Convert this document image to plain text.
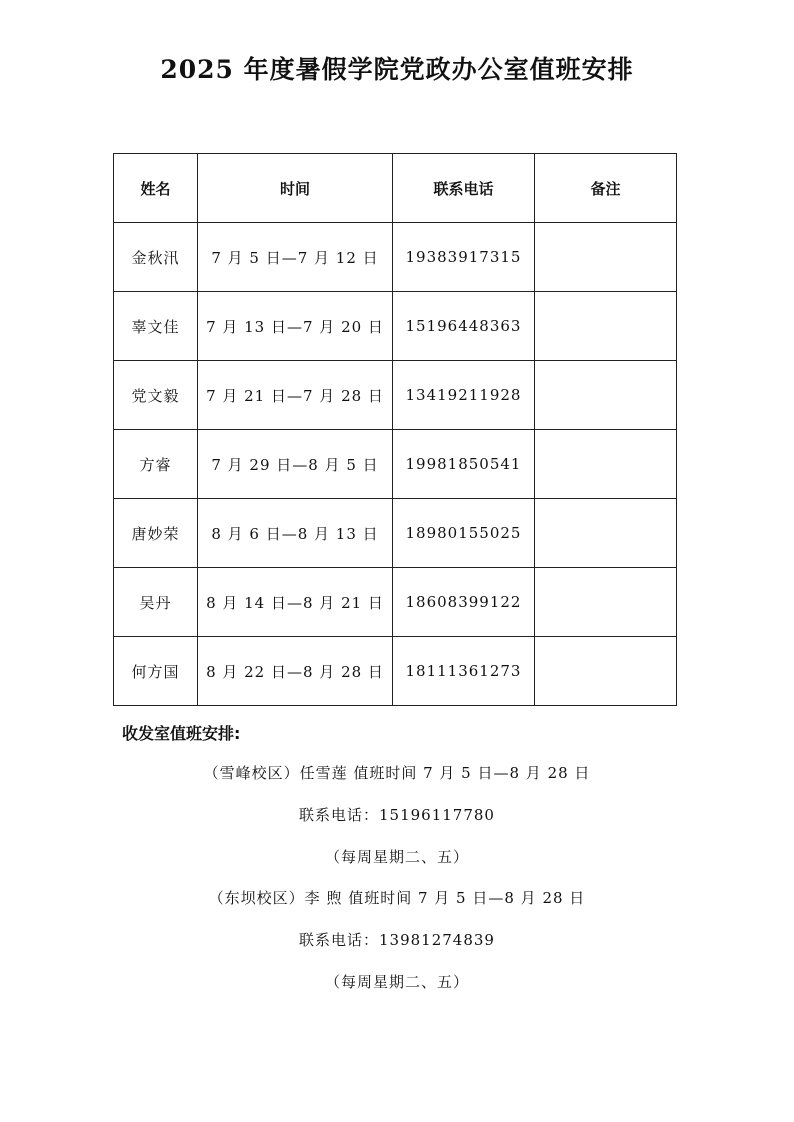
2025 年度暑假学院党政办公室值班安排
姓名	时间	联系电话	备注
金秋汛	7 月 5 日—7 月 12 日	19383917315	
辜文佳	7 月 13 日—7 月 20 日	15196448363	
党文毅	7 月 21 日—7 月 28 日	13419211928	
方睿	7 月 29 日—8 月 5 日	19981850541	
唐妙荣	8 月 6 日—8 月 13 日	18980155025	
吴丹	8 月 14 日—8 月 21 日	18608399122	
何方国	8 月 22 日—8 月 28 日	18111361273	
收发室值班安排:
（雪峰校区）任雪莲 值班时间 7 月 5 日—8 月 28 日
联系电话：15196117780
（每周星期二、五）
（东坝校区）李 煦 值班时间 7 月 5 日—8 月 28 日
联系电话：13981274839
（每周星期二、五）
